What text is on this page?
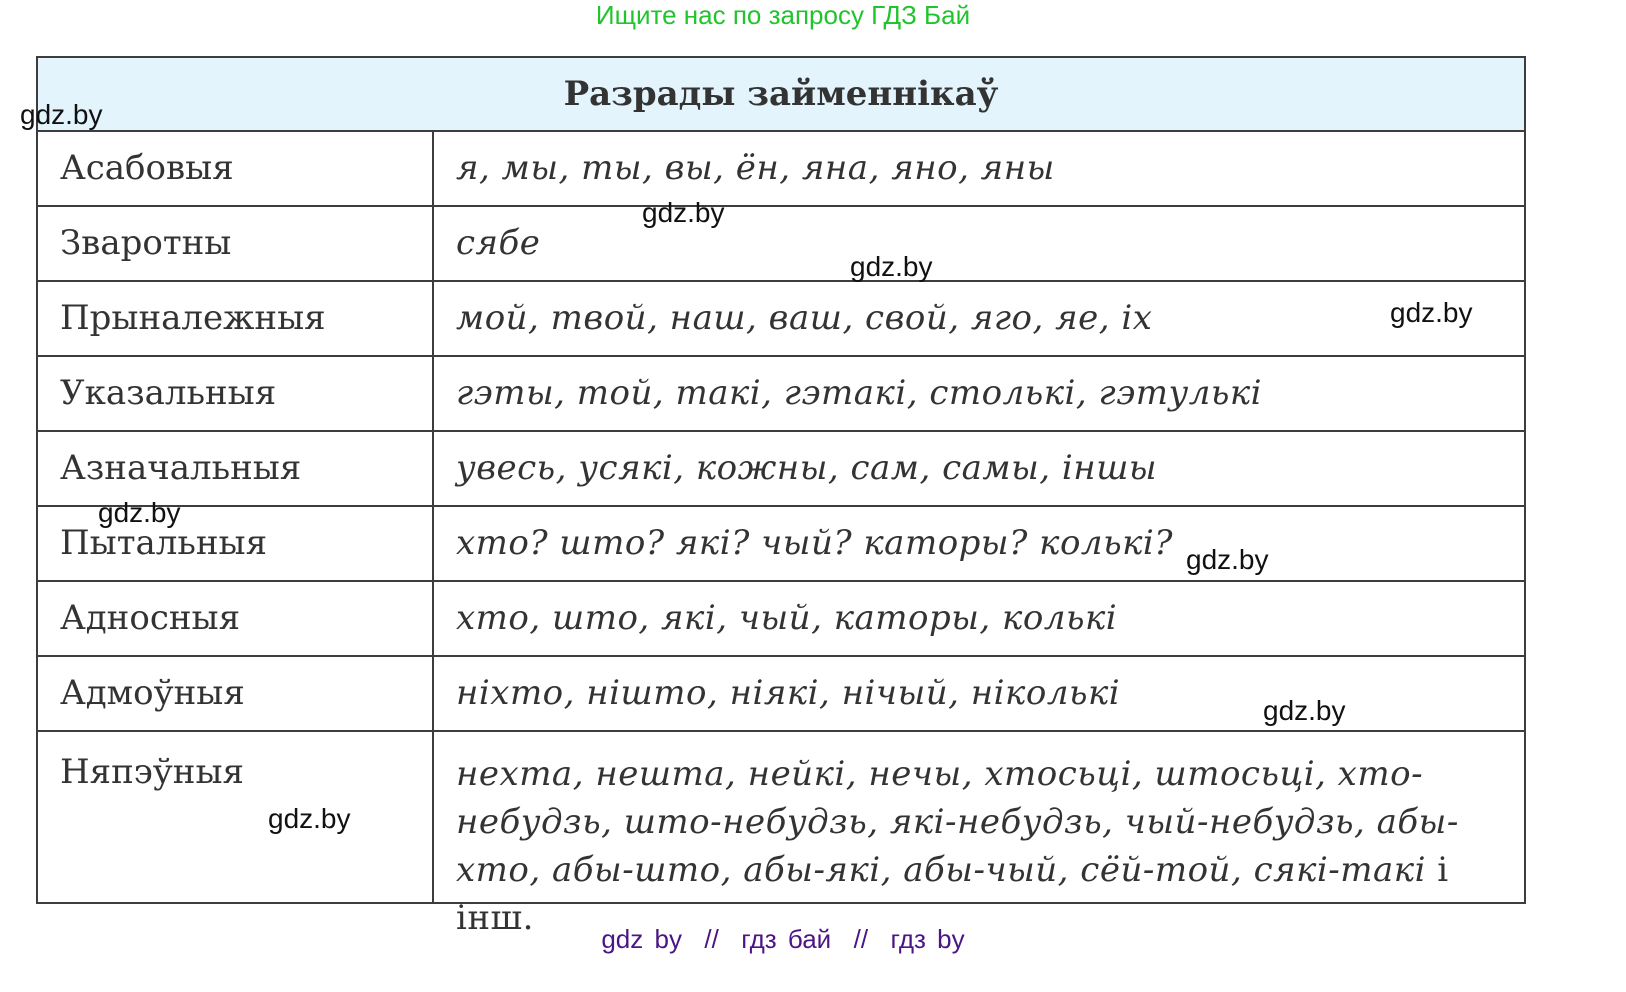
Ищите нас по запросу ГДЗ Бай
Разрады займеннікаў
Асабовыя	я, мы, ты, вы, ён, яна, яно, яны
Зваротны	сябе
Прыналежныя	мой, твой, наш, ваш, свой, яго, яе, іх
Указальныя	гэты, той, такі, гэтакі, столькі, гэтулькі
Азначальныя	увесь, усякі, кожны, сам, самы, іншы
Пытальныя	хто? што? які? чый? каторы? колькі?
Адносныя	хто, што, які, чый, каторы, колькі
Адмоўныя	ніхто, нішто, ніякі, нічый, ніколькі
Няпэўныя	нехта, нешта, нейкі, нечы, хтосьці, штосьці, хто-небудзь, што-небудзь, які-небудзь, чый-небудзь, абы-хто, абы-што, абы-які, абы-чый, сёй-той, сякі-такі і інш.
gdz.by
gdz.by
gdz.by
gdz.by
gdz.by
gdz.by
gdz.by
gdz.by
gdz by  //  гдз бай  //  гдз by
